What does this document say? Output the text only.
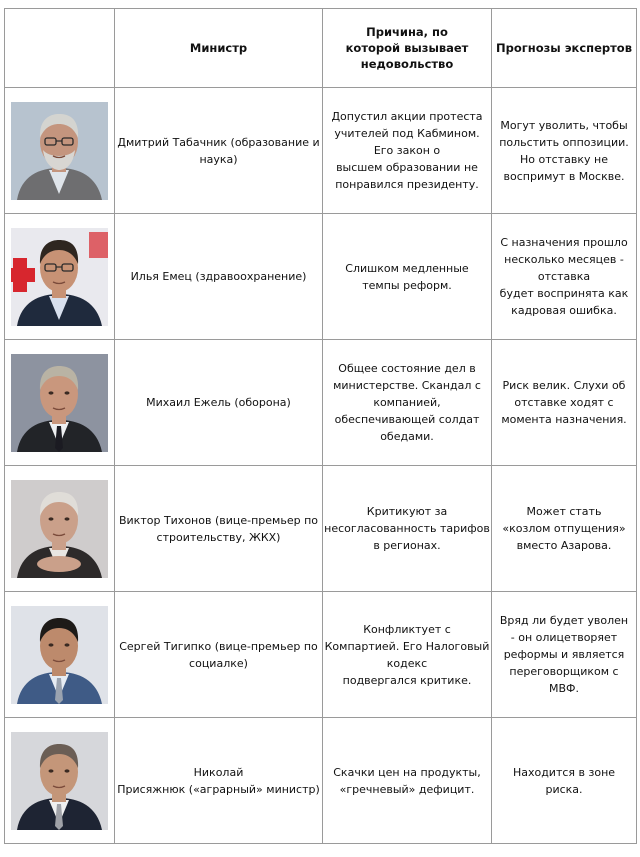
	Министр	Причина, по
которой вызывает
недовольство	Прогнозы экспертов

Дмитрий Табачник (образование и
наука)	Допустил акции протеста
учителей под Кабмином.
Его закон о
высшем образовании не
понравился президенту.	Могут уволить, чтобы
польстить оппозиции.
Но отставку не
воспримут в Москве.

Илья Емец (здравоохранение)	Слишком медленные
темпы реформ.	С назначения прошло
несколько месяцев -
отставка
будет воспринята как
кадровая ошибка.

Михаил Ежель (оборона)	Общее состояние дел в
министерстве. Скандал с
компанией,
обеспечивающей солдат
обедами.	Риск велик. Слухи об
отставке ходят с
момента назначения.

Виктор Тихонов (вице-премьер по
строительству, ЖКХ)	Критикуют за
несогласованность тарифов
в регионах.	Может стать
«козлом отпущения»
вместо Азарова.

Сергей Тигипко (вице-премьер по
социалке)	Конфликтует с
Компартией. Его Налоговый
кодекс
подвергался критике.	Вряд ли будет уволен
- он олицетворяет
реформы и является
переговорщиком с
МВФ.

Николай
Присяжнюк («аграрный» министр)	Скачки цен на продукты,
«гречневый» дефицит.	Находится в зоне
риска.
